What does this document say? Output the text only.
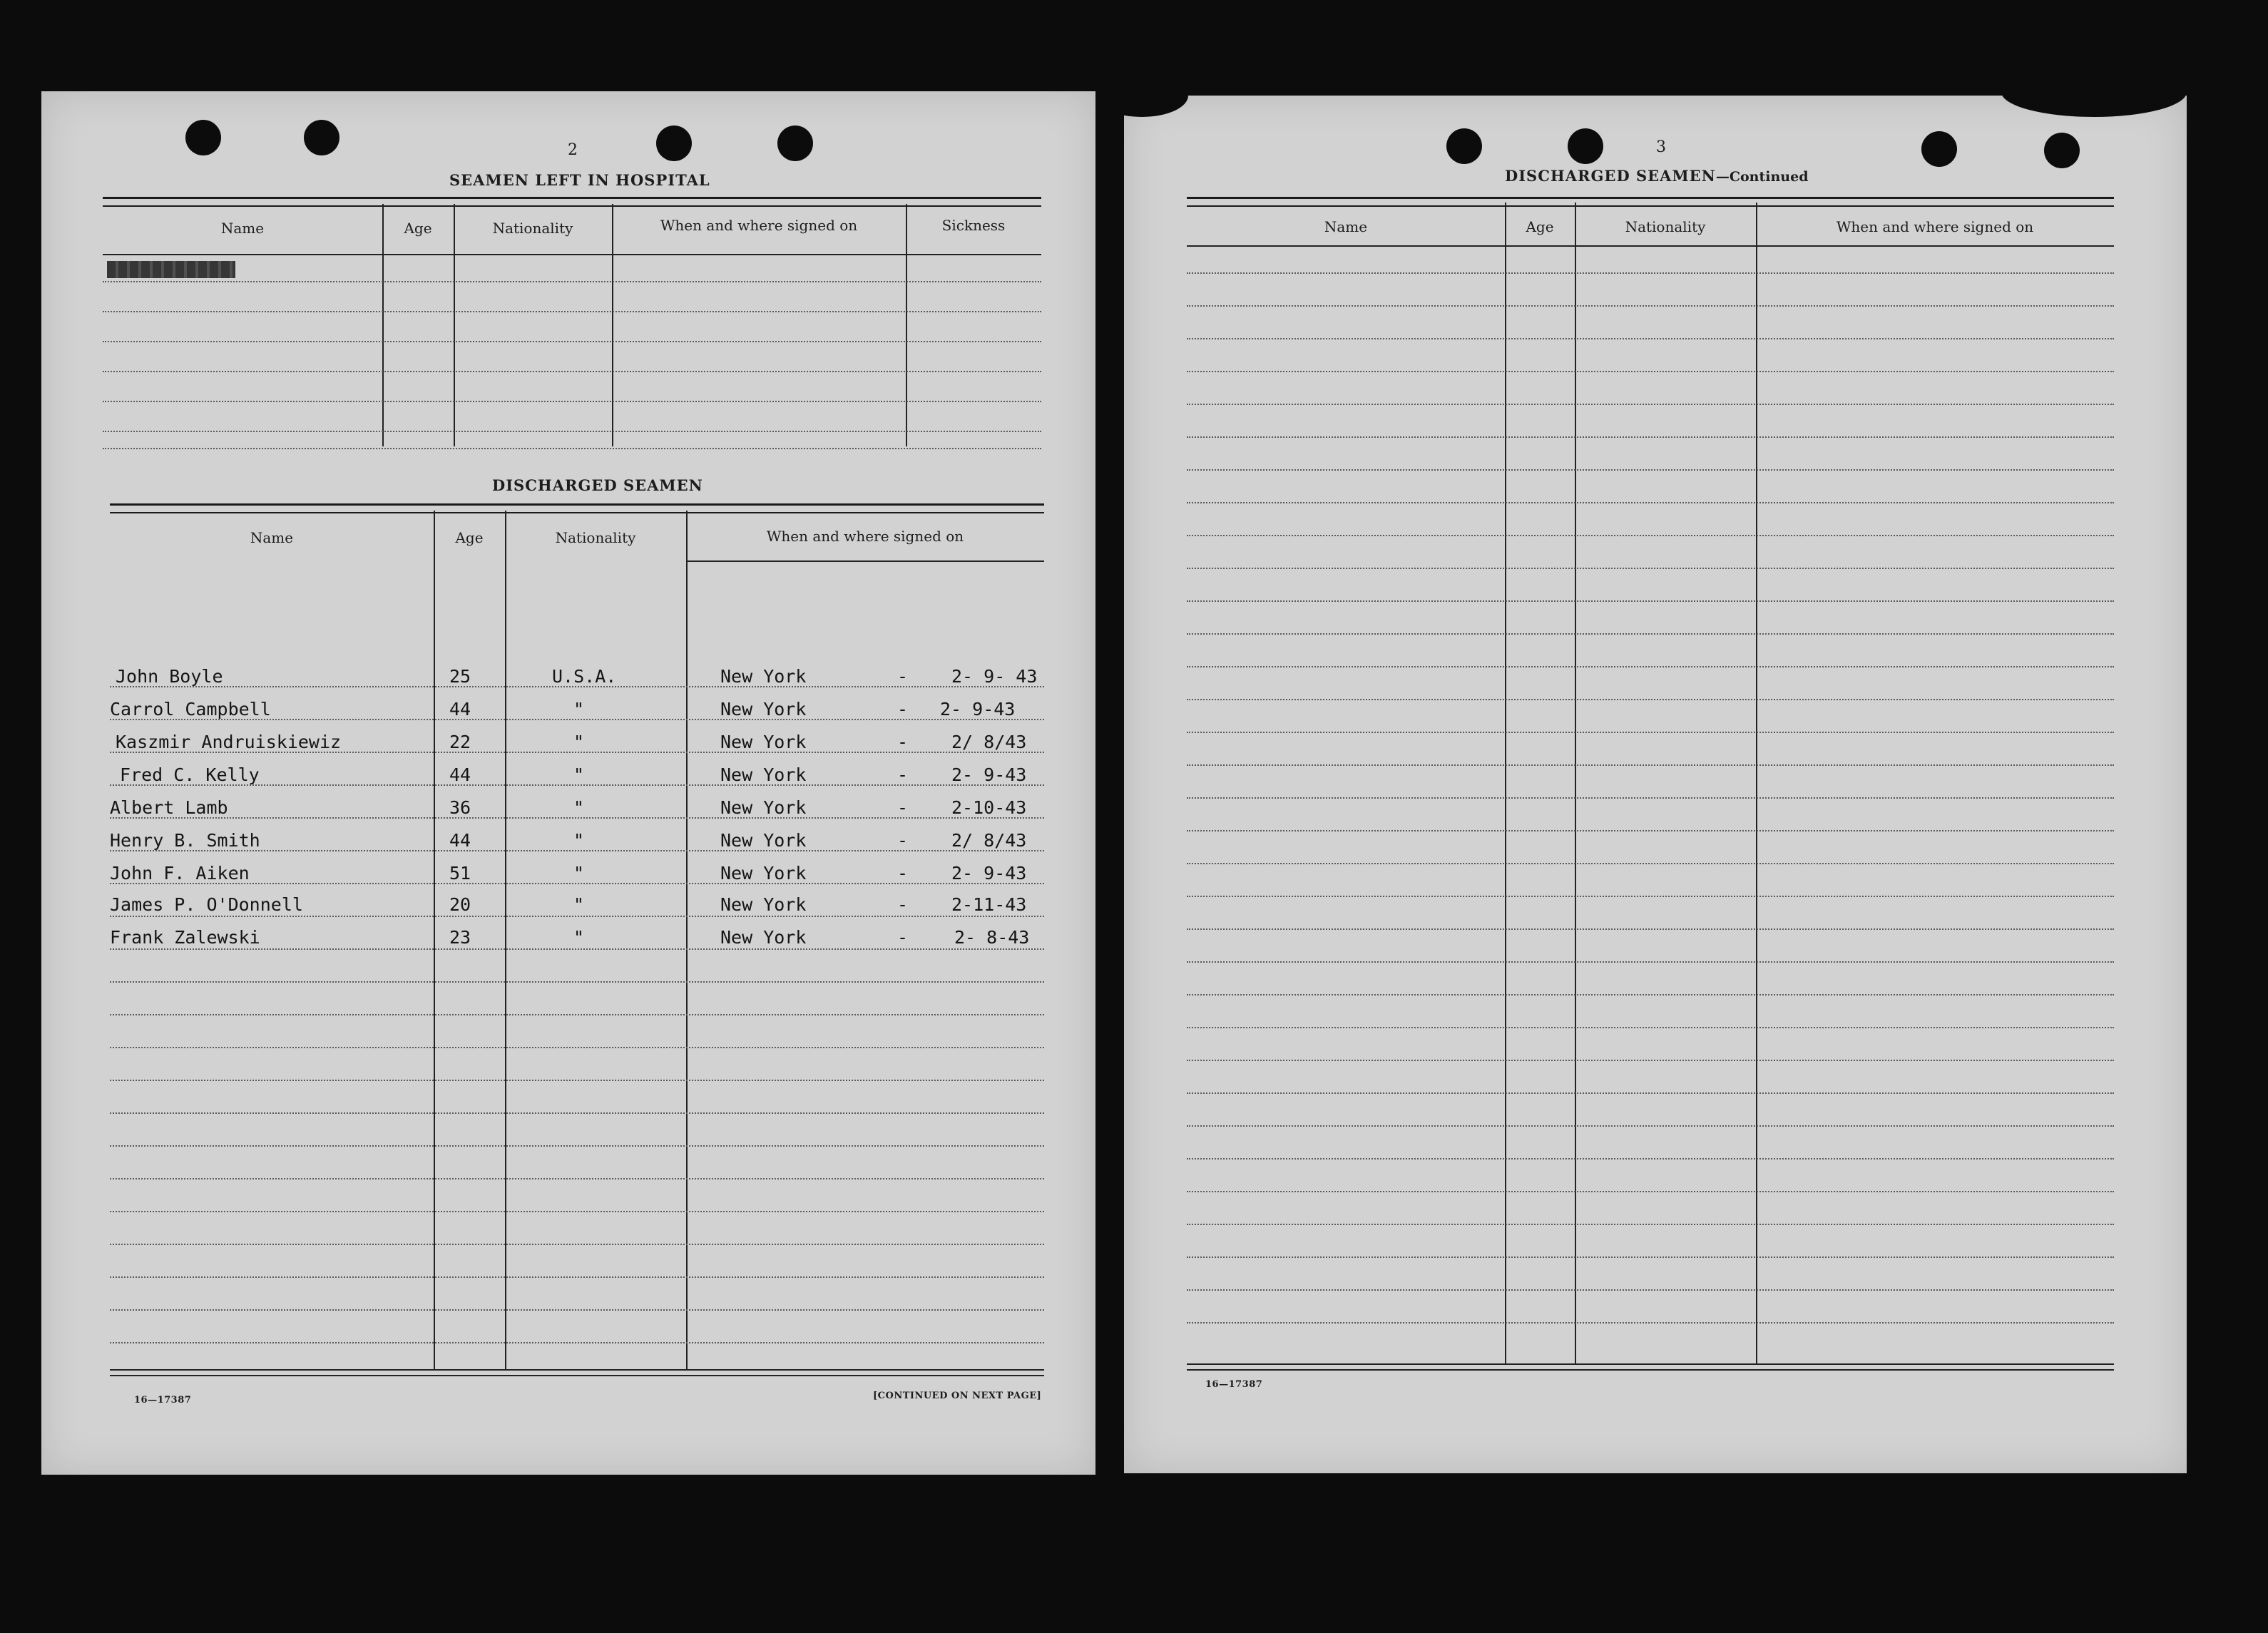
2
SEAMEN LEFT IN HOSPITAL
Name	Age	Nationality	When and where signed on	Sickness
DISCHARGED SEAMEN
Name	Age	Nationality	When and where signed on
John Boyle	25	U.S.A.	New York	- 2- 9- 43
Carrol Campbell	44	"	New York	- 2- 9-43
Kaszmir Andruiskiewiz	22	"	New York	- 2/ 8/43
Fred C. Kelly	44	"	New York	- 2- 9-43
Albert Lamb	36	"	New York	- 2-10-43
Henry B. Smith	44	"	New York	- 2/ 8/43
John F. Aiken	51	"	New York	- 2- 9-43
James P. O'Donnell	20	"	New York	- 2-11-43
Frank Zalewski	23	"	New York	-	2- 8-43
16—17387	[CONTINUED ON NEXT PAGE]
3
DISCHARGED SEAMEN—Continued
Name	Age	Nationality	When and where signed on
16—17387
